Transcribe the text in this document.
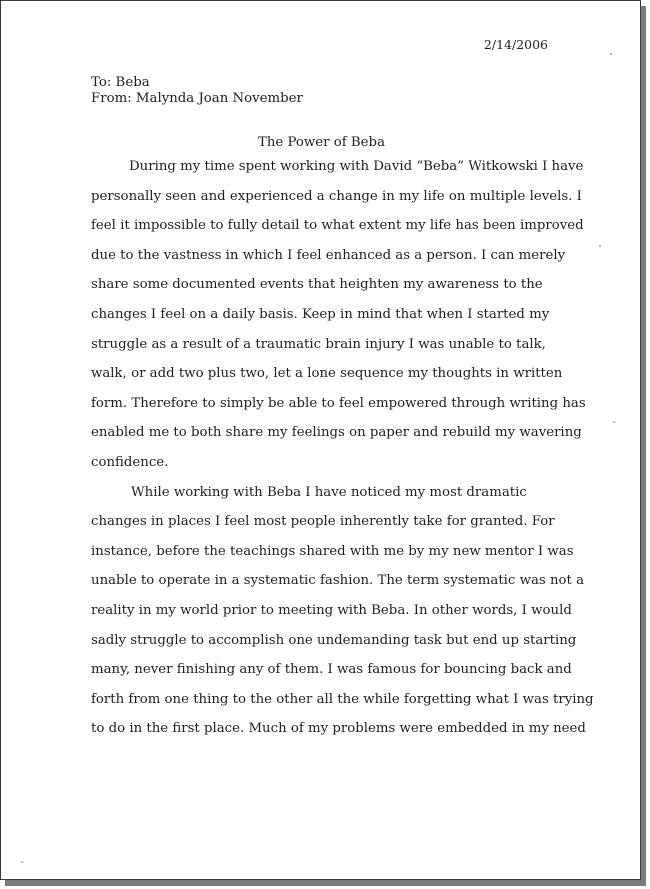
2/14/2006
To: Beba
From: Malynda Joan November
The Power of Beba
During my time spent working with David “Beba” Witkowski I have
personally seen and experienced a change in my life on multiple levels. I
feel it impossible to fully detail to what extent my life has been improved
due to the vastness in which I feel enhanced as a person. I can merely
share some documented events that heighten my awareness to the
changes I feel on a daily basis. Keep in mind that when I started my
struggle as a result of a traumatic brain injury I was unable to talk,
walk, or add two plus two, let a lone sequence my thoughts in written
form. Therefore to simply be able to feel empowered through writing has
enabled me to both share my feelings on paper and rebuild my wavering
confidence.
While working with Beba I have noticed my most dramatic
changes in places I feel most people inherently take for granted. For
instance, before the teachings shared with me by my new mentor I was
unable to operate in a systematic fashion. The term systematic was not a
reality in my world prior to meeting with Beba. In other words, I would
sadly struggle to accomplish one undemanding task but end up starting
many, never finishing any of them. I was famous for bouncing back and
forth from one thing to the other all the while forgetting what I was trying
to do in the first place. Much of my problems were embedded in my need
